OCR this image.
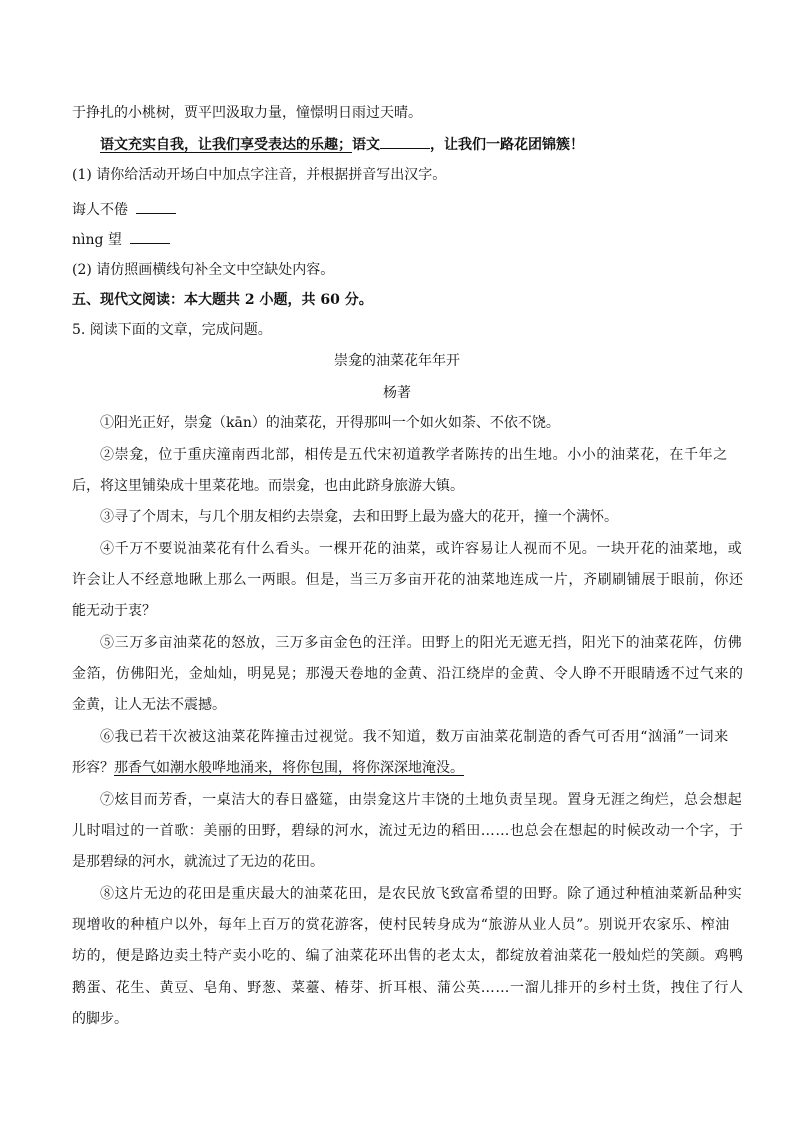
于挣扎的小桃树，贾平凹汲取力量，憧憬明日雨过天晴。
语文充实自我，让我们享受表达的乐趣；语文	，让我们一路花团锦簇！
(1) 请你给活动开场白中加点字注音，并根据拼音写出汉字。
诲人不倦
nìng 望
(2) 请仿照画横线句补全文中空缺处内容。
五、现代文阅读：本大题共 2 小题，共 60 分。
5. 阅读下面的文章，完成问题。
崇龛的油菜花年年开
杨著
①阳光正好，崇龛（kān）的油菜花，开得那叫一个如火如荼、不依不饶。
②崇龛，位于重庆潼南西北部，相传是五代宋初道教学者陈抟的出生地。小小的油菜花，在千年之
后，将这里铺染成十里菜花地。而崇龛，也由此跻身旅游大镇。
③寻了个周末，与几个朋友相约去崇龛，去和田野上最为盛大的花开，撞一个满怀。
④千万不要说油菜花有什么看头。一棵开花的油菜，或许容易让人视而不见。一块开花的油菜地，或
许会让人不经意地瞅上那么一两眼。但是，当三万多亩开花的油菜地连成一片，齐刷刷铺展于眼前，你还
能无动于衷？
⑤三万多亩油菜花的怒放，三万多亩金色的汪洋。田野上的阳光无遮无挡，阳光下的油菜花阵，仿佛
金箔，仿佛阳光，金灿灿，明晃晃；那漫天卷地的金黄、沿江绕岸的金黄、令人睁不开眼睛透不过气来的
金黄，让人无法不震撼。
⑥我已若干次被这油菜花阵撞击过视觉。我不知道，数万亩油菜花制造的香气可否用“汹涌”一词来
形容？那香气如潮水般哗地涌来，将你包围，将你深深地淹没。
⑦炫目而芳香，一桌洁大的春日盛筵，由崇龛这片丰饶的土地负责呈现。置身无涯之绚烂，总会想起
儿时唱过的一首歌：美丽的田野，碧绿的河水，流过无边的稻田……也总会在想起的时候改动一个字，于
是那碧绿的河水，就流过了无边的花田。
⑧这片无边的花田是重庆最大的油菜花田，是农民放飞致富希望的田野。除了通过种植油菜新品种实
现增收的种植户以外，每年上百万的赏花游客，使村民转身成为“旅游从业人员”。别说开农家乐、榨油
坊的，便是路边卖土特产卖小吃的、编了油菜花环出售的老太太，都绽放着油菜花一般灿烂的笑颜。鸡鸭
鹅蛋、花生、黄豆、皂角、野葱、菜薹、椿芽、折耳根、蒲公英……一溜儿排开的乡村土货，拽住了行人
的脚步。
